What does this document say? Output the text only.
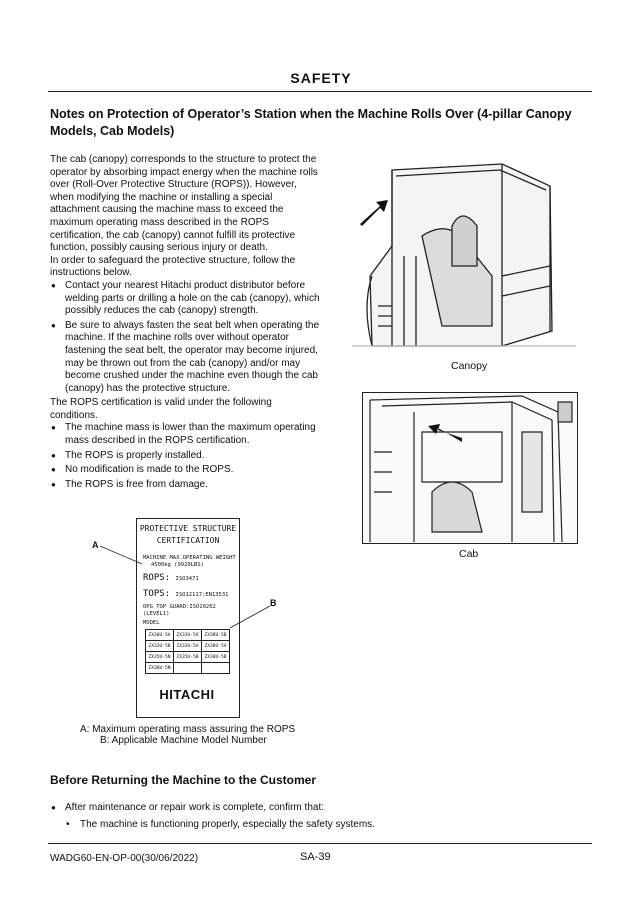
SAFETY
Notes on Protection of Operator’s Station when the Machine Rolls Over (4-pillar Canopy Models, Cab Models)

The cab (canopy) corresponds to the structure to protect the operator by absorbing impact energy when the machine rolls over (Roll-Over Protective Structure (ROPS)). However, when modifying the machine or installing a special attachment causing the machine mass to exceed the maximum operating mass described in the ROPS certification, the cab (canopy) cannot fulfill its protective function, possibly causing serious injury or death.

In order to safeguard the protective structure, follow the instructions below.

● Contact your nearest Hitachi product distributor before welding parts or drilling a hole on the cab (canopy), which possibly reduces the cab (canopy) strength.
● Be sure to always fasten the seat belt when operating the machine. If the machine rolls over without operator fastening the seat belt, the operator may become injured, may be thrown out from the cab (canopy) and/or may become crushed under the machine even though the cab (canopy) has the protective structure.

The ROPS certification is valid under the following conditions.

● The machine mass is lower than the maximum operating mass described in the ROPS certification.
● The ROPS is properly installed.
● No modification is made to the ROPS.
● The ROPS is free from damage.
Canopy
Cab
PROTECTIVE STRUCTURE
CERTIFICATION
MACHINE MAX.OPERATING WEIGHT
4500kg (9920LBS)
ROPS: ISO3471
TOPS: ISO12117:EN13531
OPG TOP GUARD:ISO10262
(LEVEL1)
MODEL
ZX30U-5A	ZX33U-5A	ZX38U-5B
ZX33U-5B	ZX33U-5A	ZX38U-5A
ZX35U-5N	ZX35U-5B	ZX38U-5B
ZX38U-5N		
HITACHI
A
B
A: Maximum operating mass assuring the ROPS
B: Applicable Machine Model Number
Before Returning the Machine to the Customer
● After maintenance or repair work is complete, confirm that:
• The machine is functioning properly, especially the safety systems.
WADG60-EN-OP-00(30/06/2022)	SA-39
